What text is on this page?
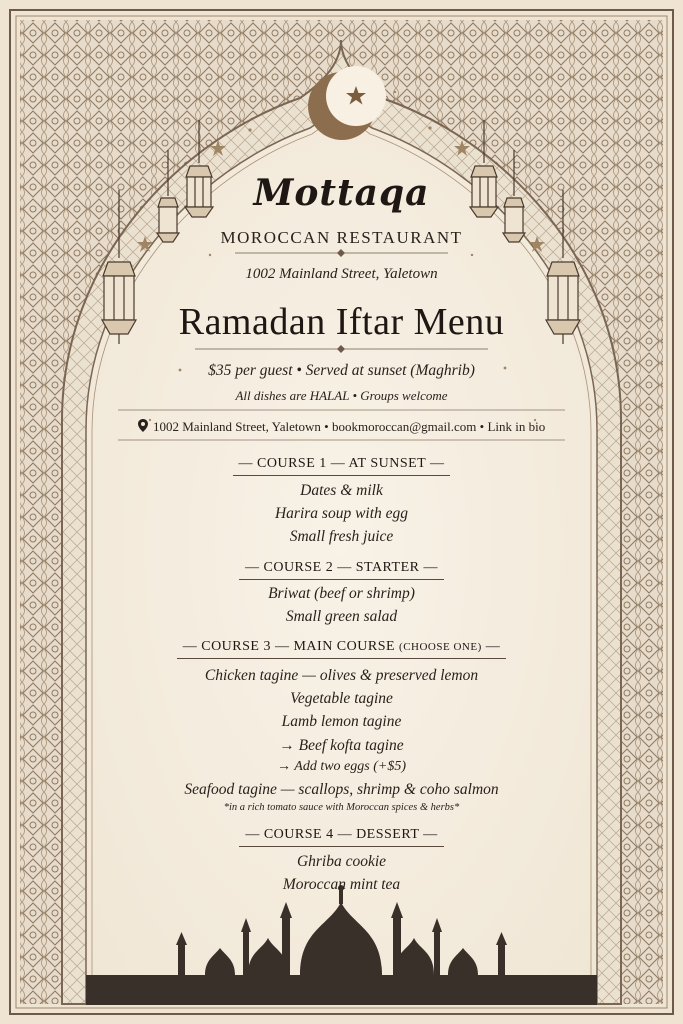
Mottaqa
MOROCCAN RESTAURANT
1002 Mainland Street, Yaletown
Ramadan Iftar Menu
$35 per guest • Served at sunset (Maghrib)
All dishes are HALAL • Groups welcome
1002 Mainland Street, Yaletown • bookmoroccan@gmail.com • Link in bio
— COURSE 1 — AT SUNSET —
Dates & milk
Harira soup with egg
Small fresh juice
— COURSE 2 — STARTER —
Briwat (beef or shrimp)
Small green salad
— COURSE 3 — MAIN COURSE (CHOOSE ONE) —
Chicken tagine — olives & preserved lemon
Vegetable tagine
Lamb lemon tagine
→ Beef kofta tagine
→ Add two eggs (+$5)
Seafood tagine — scallops, shrimp & coho salmon
*in a rich tomato sauce with Moroccan spices & herbs*
— COURSE 4 — DESSERT —
Ghriba cookie
Moroccan mint tea
